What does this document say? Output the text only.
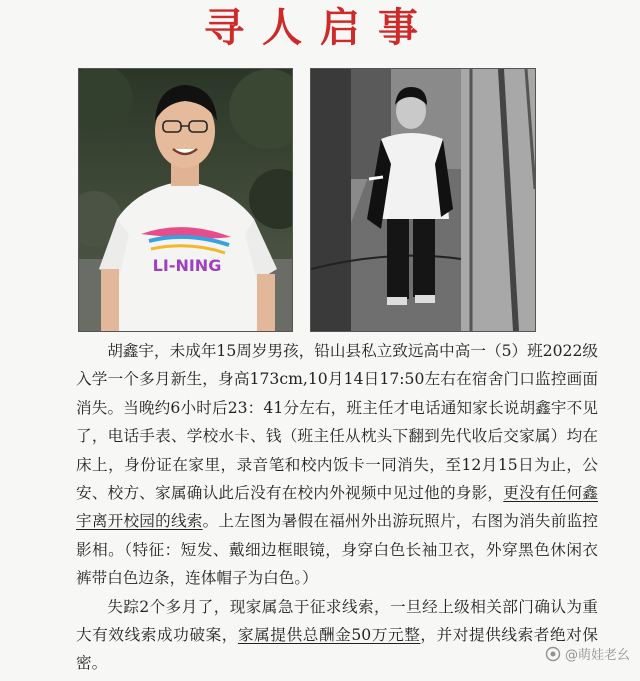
寻人启事
LI-NING

胡鑫宇，未成年15周岁男孩，铅山县私立致远高中高一（5）班2022级入学一个多月新生，身高173cm,10月14日17:50左右在宿舍门口监控画面消失。当晚约6小时后23：41分左右，班主任才电话通知家长说胡鑫宇不见了，电话手表、学校水卡、钱（班主任从枕头下翻到先代收后交家属）均在床上，身份证在家里，录音笔和校内饭卡一同消失，至12月15日为止，公安、校方、家属确认此后没有在校内外视频中见过他的身影，更没有任何鑫宇离开校园的线索。上左图为暑假在福州外出游玩照片，右图为消失前监控影相。（特征：短发、戴细边框眼镜，身穿白色长袖卫衣，外穿黑色休闲衣裤带白色边条，连体帽子为白色。）

失踪2个多月了，现家属急于征求线索，一旦经上级相关部门确认为重大有效线索成功破案，家属提供总酬金50万元整，并对提供线索者绝对保密。	@萌娃老幺
